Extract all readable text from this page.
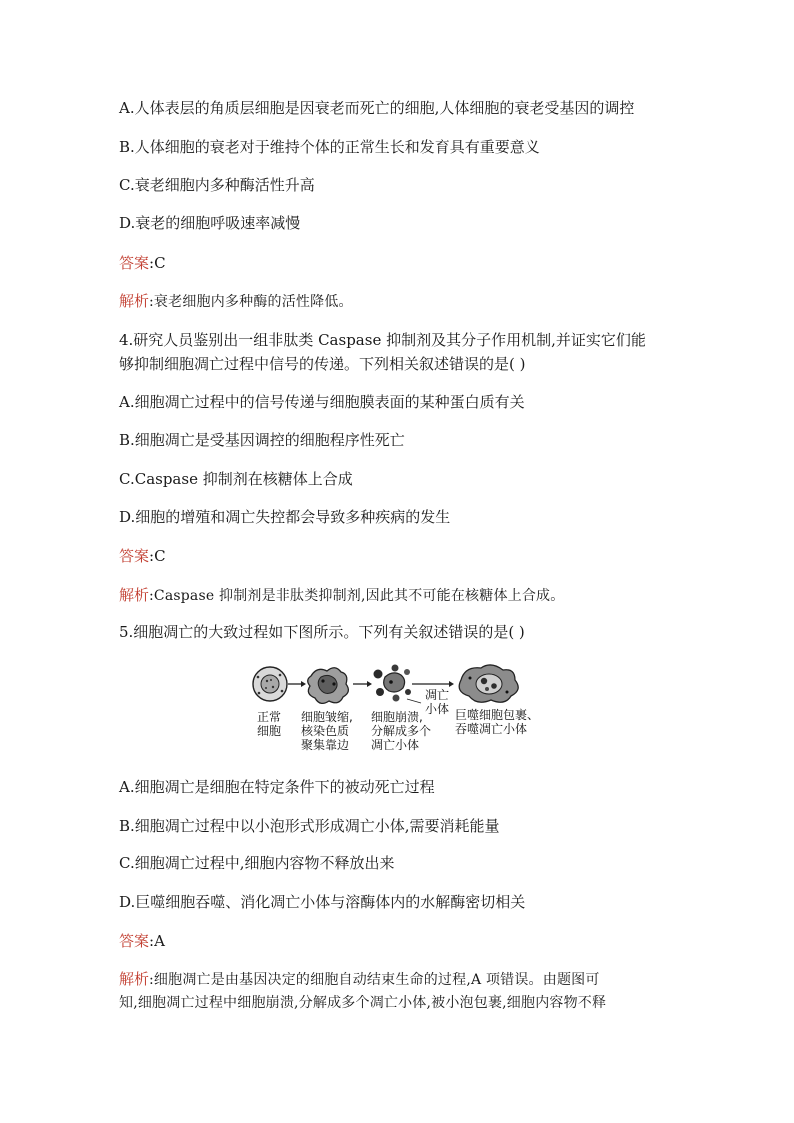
A.人体表层的角质层细胞是因衰老而死亡的细胞,人体细胞的衰老受基因的调控
B.人体细胞的衰老对于维持个体的正常生长和发育具有重要意义
C.衰老细胞内多种酶活性升高
D.衰老的细胞呼吸速率减慢
答案:C
解析:衰老细胞内多种酶的活性降低。
4.研究人员鉴别出一组非肽类 Caspase 抑制剂及其分子作用机制,并证实它们能
够抑制细胞凋亡过程中信号的传递。下列相关叙述错误的是( )
A.细胞凋亡过程中的信号传递与细胞膜表面的某种蛋白质有关
B.细胞凋亡是受基因调控的细胞程序性死亡
C.Caspase 抑制剂在核糖体上合成
D.细胞的增殖和凋亡失控都会导致多种疾病的发生
答案:C
解析:Caspase 抑制剂是非肽类抑制剂,因此其不可能在核糖体上合成。
5.细胞凋亡的大致过程如下图所示。下列有关叙述错误的是( )
正常
细胞
细胞皱缩,
核染色质
聚集靠边
细胞崩溃,
分解成多个
凋亡小体
凋亡
小体 巨噬细胞包裹、
吞噬凋亡小体
A.细胞凋亡是细胞在特定条件下的被动死亡过程
B.细胞凋亡过程中以小泡形式形成凋亡小体,需要消耗能量
C.细胞凋亡过程中,细胞内容物不释放出来
D.巨噬细胞吞噬、消化凋亡小体与溶酶体内的水解酶密切相关
答案:A
解析:细胞凋亡是由基因决定的细胞自动结束生命的过程,A 项错误。由题图可
知,细胞凋亡过程中细胞崩溃,分解成多个凋亡小体,被小泡包裹,细胞内容物不释
